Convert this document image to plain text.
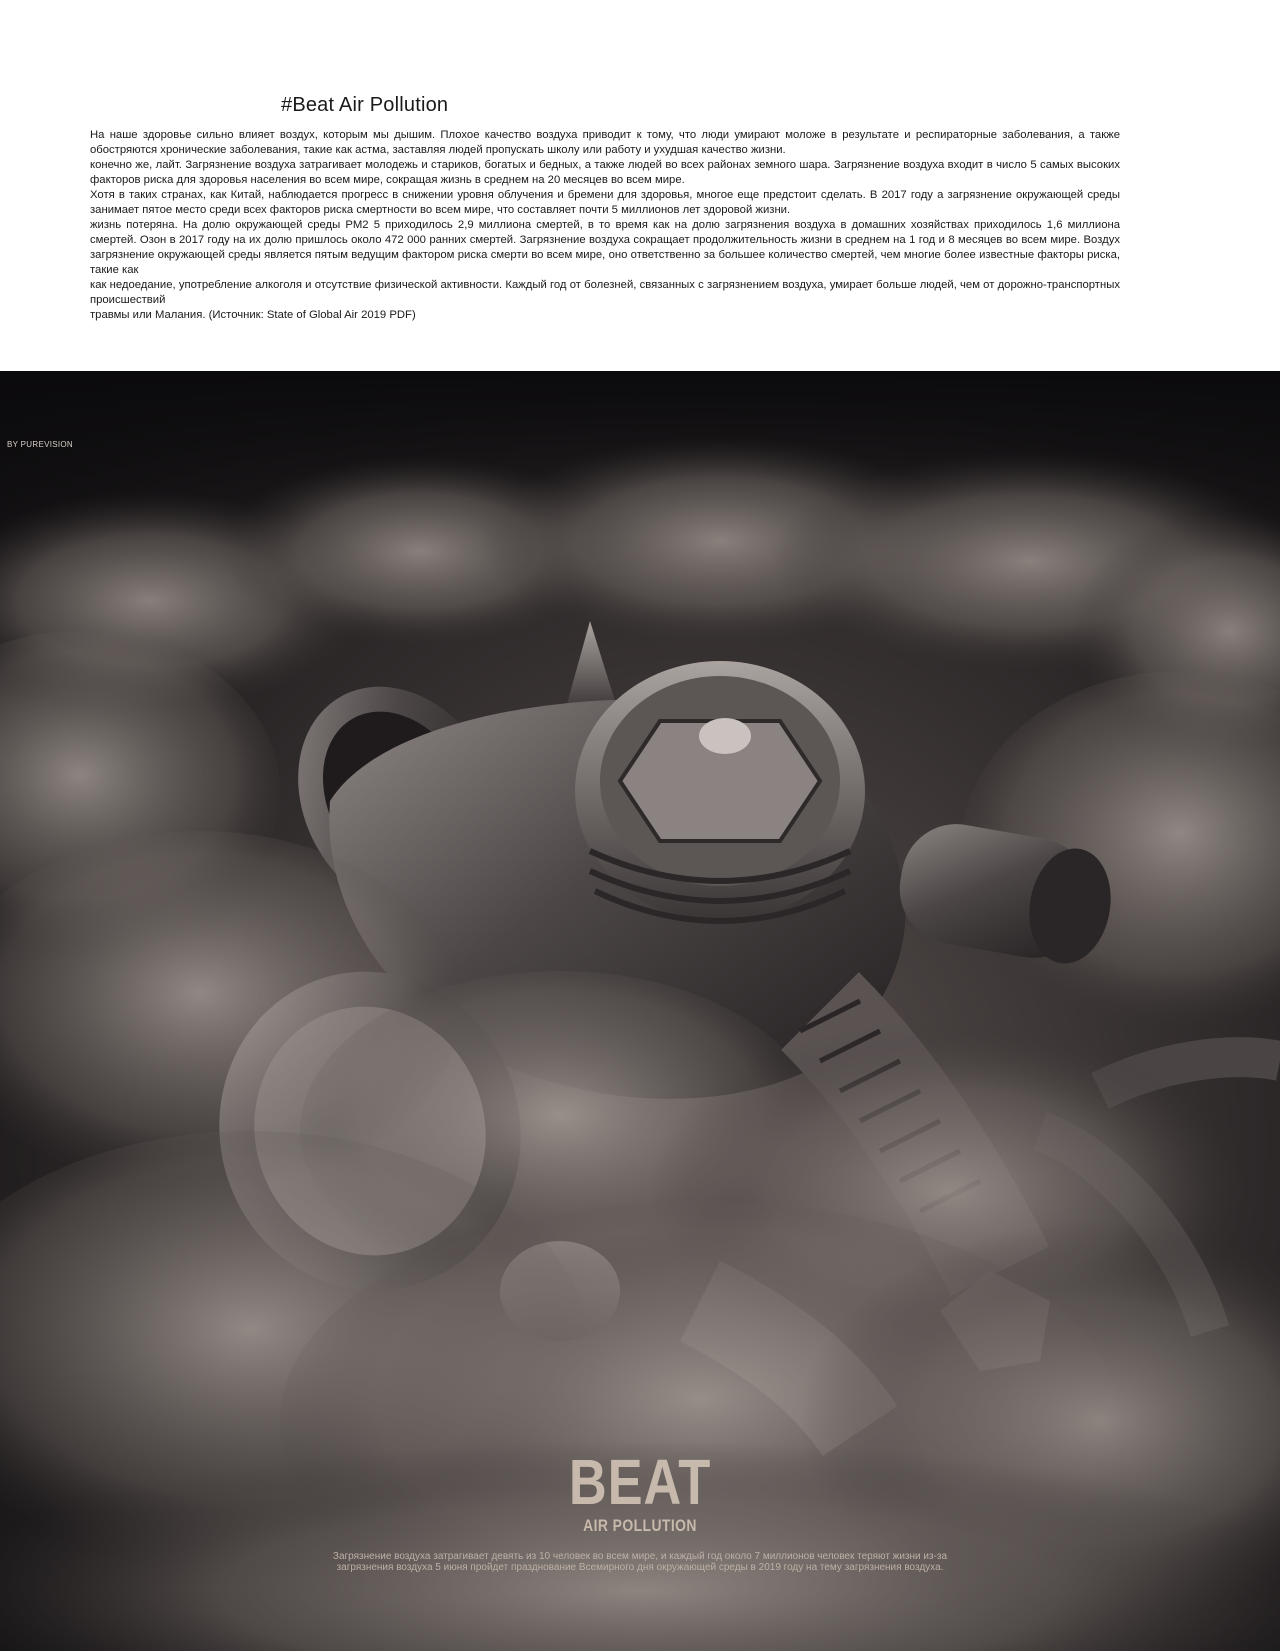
#Beat Air Pollution

На наше здоровье сильно влияет воздух, которым мы дышим. Плохое качество воздуха приводит к тому, что люди умирают моложе в результате и респираторные заболевания, а также обостряются хронические заболевания, такие как астма, заставляя людей пропускать школу или работу и ухудшая качество жизни.

конечно же, лайт. Загрязнение воздуха затрагивает молодежь и стариков, богатых и бедных, а также людей во всех районах земного шара. Загрязнение воздуха входит в число 5 самых высоких факторов риска для здоровья населения во всем мире, сокращая жизнь в среднем на 20 месяцев во всем мире.

Хотя в таких странах, как Китай, наблюдается прогресс в снижении уровня облучения и бремени для здоровья, многое еще предстоит сделать. В 2017 году а загрязнение окружающей среды занимает пятое место среди всех факторов риска смертности во всем мире, что составляет почти 5 миллионов лет здоровой жизни.

жизнь потеряна. На долю окружающей среды PM2 5 приходилось 2,9 миллиона смертей, в то время как на долю загрязнения воздуха в домашних хозяйствах приходилось 1,6 миллиона смертей. Озон в 2017 году на их долю пришлось около 472 000 ранних смертей. Загрязнение воздуха сокращает продолжительность жизни в среднем на 1 год и 8 месяцев во всем мире. Воздух загрязнение окружающей среды является пятым ведущим фактором риска смерти во всем мире, оно ответственно за большее количество смертей, чем многие более известные факторы риска, такие как

как недоедание, употребление алкоголя и отсутствие физической активности. Каждый год от болезней, связанных с загрязнением воздуха, умирает больше людей, чем от дорожно-транспортных происшествий

травмы или Малания. (Источник: State of Global Air 2019 PDF)

BY PUREVISION
BEAT
AIR POLLUTION

Загрязнение воздуха затрагивает девять из 10 человек во всем мире, и каждый год около 7 миллионов человек теряют жизни из-за

загрязнения воздуха 5 июня пройдет празднование Всемирного дня окружающей среды в 2019 году на тему загрязнения воздуха.
